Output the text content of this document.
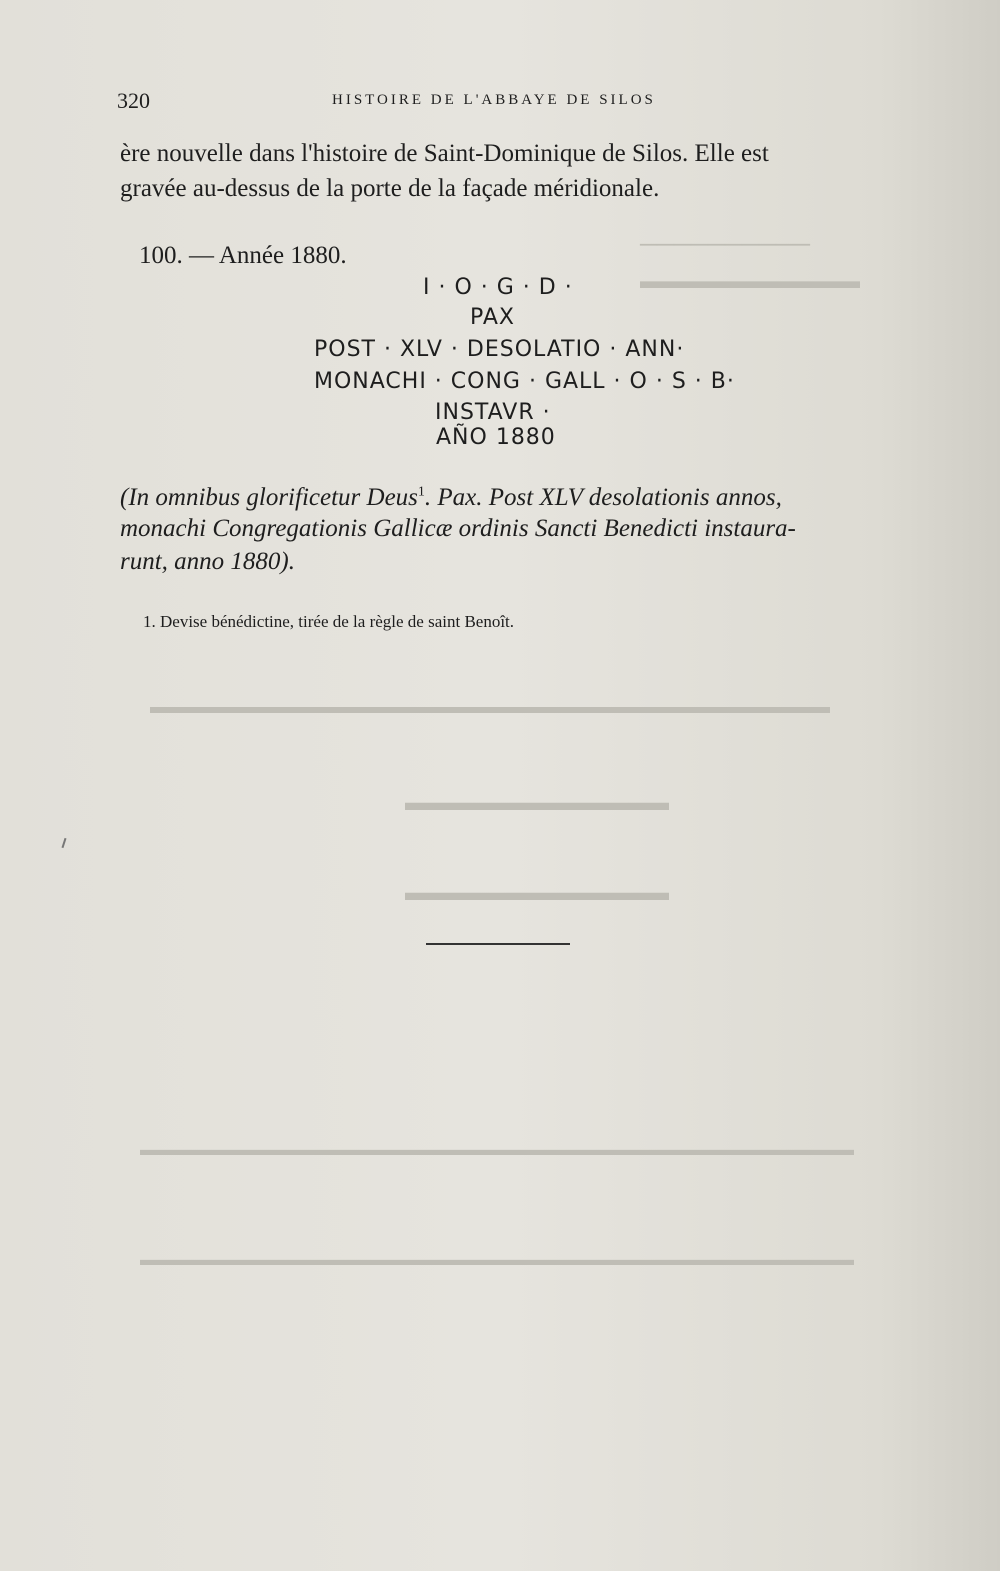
──────────
▬▬▬▬▬▬▬▬▬▬
▬▬▬▬▬▬▬▬▬▬▬▬▬▬▬▬▬▬▬▬▬▬▬▬▬▬▬▬▬▬▬▬▬▬
▬▬▬▬▬▬▬▬▬▬▬
▬▬▬▬▬▬▬▬▬▬▬
▬▬▬▬▬▬▬▬▬▬▬▬▬▬▬▬▬▬▬▬▬▬▬▬▬▬▬▬▬▬▬▬▬▬▬▬▬▬▬▬▬▬
▬▬▬▬▬▬▬▬▬▬▬▬▬▬▬▬▬▬▬▬▬▬▬▬▬▬▬▬▬▬▬▬▬▬▬▬▬▬▬▬▬▬
320	HISTOIRE DE L'ABBAYE DE SILOS
ère nouvelle dans l'histoire de Saint-Dominique de Silos. Elle est
gravée au-dessus de la porte de la façade méridionale.
100. — Année 1880.
I · O · G · D ·
PAX
POST · XLV · DESOLATIO · ANN·
MONACHI · CONG · GALL · O · S · B·
INSTAVR ·
AÑO 1880
(In omnibus glorificetur Deus$^1$. Pax. Post XLV desolationis annos,
monachi Congregationis Gallicæ ordinis Sancti Benedicti instaura-
runt, anno 1880).
1. Devise bénédictine, tirée de la règle de saint Benoît.
